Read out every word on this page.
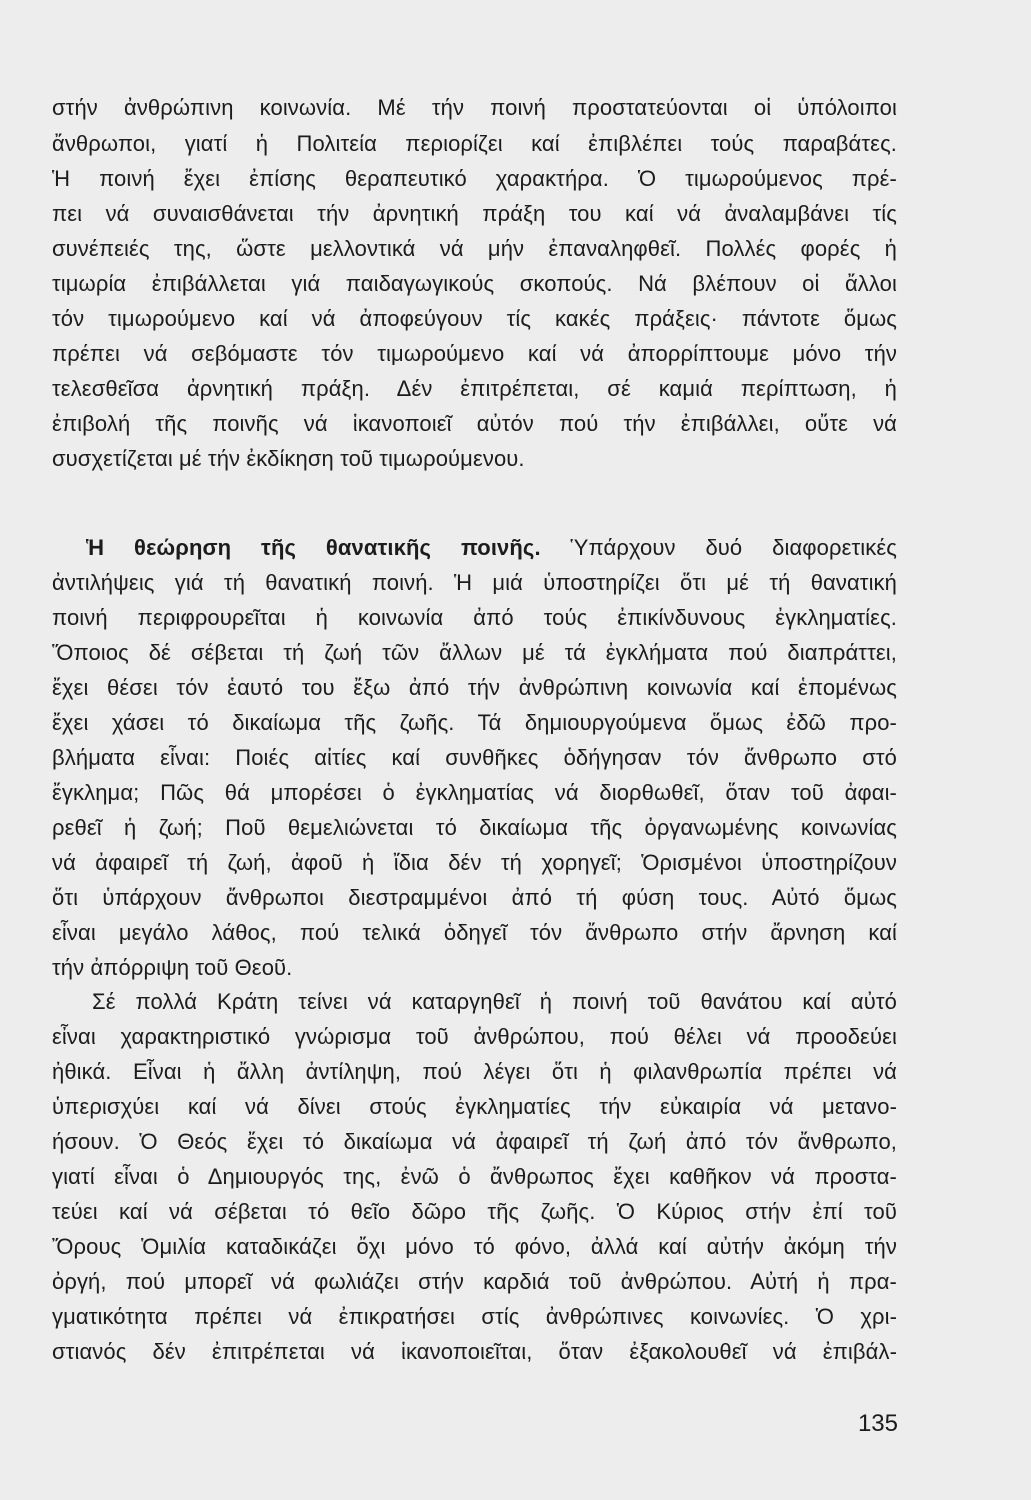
στήν ἀνθρώπινη κοινωνία. Μέ τήν ποινή προστατεύονται οἱ ὑπόλοιποι
ἄνθρωποι, γιατί ἡ Πολιτεία περιορίζει καί ἐπιβλέπει τούς παραβάτες.
Ἡ ποινή ἔχει ἐπίσης θεραπευτικό χαρακτήρα. Ὁ τιμωρούμενος πρέ-
πει νά συναισθάνεται τήν ἀρνητική πράξη του καί νά ἀναλαμβάνει τίς
συνέπειές της, ὥστε μελλοντικά νά μήν ἐπαναληφθεῖ. Πολλές φορές ἡ
τιμωρία ἐπιβάλλεται γιά παιδαγωγικούς σκοπούς. Νά βλέπουν οἱ ἄλλοι
τόν τιμωρούμενο καί νά ἀποφεύγουν τίς κακές πράξεις· πάντοτε ὅμως
πρέπει νά σεβόμαστε τόν τιμωρούμενο καί νά ἀπορρίπτουμε μόνο τήν
τελεσθεῖσα ἀρνητική πράξη. Δέν ἐπιτρέπεται, σέ καμιά περίπτωση, ἡ
ἐπιβολή τῆς ποινῆς νά ἱκανοποιεῖ αὐτόν πού τήν ἐπιβάλλει, οὔτε νά
συσχετίζεται μέ τήν ἐκδίκηση τοῦ τιμωρούμενου.
Ἡ θεώρηση τῆς θανατικῆς ποινῆς. Ὑπάρχουν δυό διαφορετικές
ἀντιλήψεις γιά τή θανατική ποινή. Ἡ μιά ὑποστηρίζει ὅτι μέ τή θανατική
ποινή περιφρουρεῖται ἡ κοινωνία ἀπό τούς ἐπικίνδυνους ἐγκληματίες.
Ὅποιος δέ σέβεται τή ζωή τῶν ἄλλων μέ τά ἐγκλήματα πού διαπράττει,
ἔχει θέσει τόν ἑαυτό του ἔξω ἀπό τήν ἀνθρώπινη κοινωνία καί ἑπομένως
ἔχει χάσει τό δικαίωμα τῆς ζωῆς. Τά δημιουργούμενα ὅμως ἐδῶ προ-
βλήματα εἶναι: Ποιές αἰτίες καί συνθῆκες ὁδήγησαν τόν ἄνθρωπο στό
ἔγκλημα; Πῶς θά μπορέσει ὁ ἐγκληματίας νά διορθωθεῖ, ὅταν τοῦ ἀφαι-
ρεθεῖ ἡ ζωή; Ποῦ θεμελιώνεται τό δικαίωμα τῆς ὀργανωμένης κοινωνίας
νά ἀφαιρεῖ τή ζωή, ἀφοῦ ἡ ἴδια δέν τή χορηγεῖ; Ὁρισμένοι ὑποστηρίζουν
ὅτι ὑπάρχουν ἄνθρωποι διεστραμμένοι ἀπό τή φύση τους. Αὐτό ὅμως
εἶναι μεγάλο λάθος, πού τελικά ὁδηγεῖ τόν ἄνθρωπο στήν ἄρνηση καί
τήν ἀπόρριψη τοῦ Θεοῦ.
Σέ πολλά Κράτη τείνει νά καταργηθεῖ ἡ ποινή τοῦ θανάτου καί αὐτό
εἶναι χαρακτηριστικό γνώρισμα τοῦ ἀνθρώπου, πού θέλει νά προοδεύει
ἠθικά. Εἶναι ἡ ἄλλη ἀντίληψη, πού λέγει ὅτι ἡ φιλανθρωπία πρέπει νά
ὑπερισχύει καί νά δίνει στούς ἐγκληματίες τήν εὐκαιρία νά μετανο-
ήσουν. Ὁ Θεός ἔχει τό δικαίωμα νά ἀφαιρεῖ τή ζωή ἀπό τόν ἄνθρωπο,
γιατί εἶναι ὁ Δημιουργός της, ἐνῶ ὁ ἄνθρωπος ἔχει καθῆκον νά προστα-
τεύει καί νά σέβεται τό θεῖο δῶρο τῆς ζωῆς. Ὁ Κύριος στήν ἐπί τοῦ
Ὄρους Ὁμιλία καταδικάζει ὄχι μόνο τό φόνο, ἀλλά καί αὐτήν ἀκόμη τήν
ὀργή, πού μπορεῖ νά φωλιάζει στήν καρδιά τοῦ ἀνθρώπου. Αὐτή ἡ πρα-
γματικότητα πρέπει νά ἐπικρατήσει στίς ἀνθρώπινες κοινωνίες. Ὁ χρι-
στιανός δέν ἐπιτρέπεται νά ἱκανοποιεῖται, ὅταν ἐξακολουθεῖ νά ἐπιβάλ-
135
